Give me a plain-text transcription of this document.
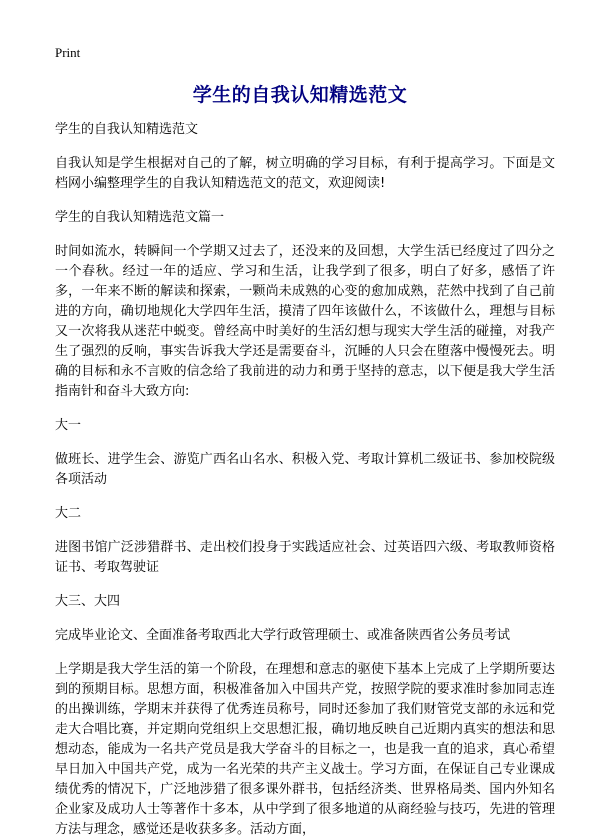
Print
学生的自我认知精选范文

学生的自我认知精选范文

自我认知是学生根据对自己的了解，树立明确的学习目标，有利于提高学习。下面是文档网小编整理学生的自我认知精选范文的范文，欢迎阅读!

学生的自我认知精选范文篇一

时间如流水，转瞬间一个学期又过去了，还没来的及回想，大学生活已经度过了四分之一个春秋。经过一年的适应、学习和生活，让我学到了很多，明白了好多，感悟了许多，一年来不断的解读和探索，一颗尚未成熟的心变的愈加成熟，茫然中找到了自己前进的方向，确切地规化大学四年生活，摸清了四年该做什么，不该做什么，理想与目标又一次将我从迷茫中蜕变。曾经高中时美好的生活幻想与现实大学生活的碰撞，对我产生了强烈的反响，事实告诉我大学还是需要奋斗，沉睡的人只会在堕落中慢慢死去。明确的目标和永不言败的信念给了我前进的动力和勇于坚持的意志，以下便是我大学生活指南针和奋斗大致方向:

大一

做班长、进学生会、游览广西名山名水、积极入党、考取计算机二级证书、参加校院级各项活动

大二

进图书馆广泛涉猎群书、走出校们投身于实践适应社会、过英语四六级、考取教师资格证书、考取驾驶证

大三、大四

完成毕业论文、全面准备考取西北大学行政管理硕士、或准备陕西省公务员考试

上学期是我大学生活的第一个阶段，在理想和意志的驱使下基本上完成了上学期所要达到的预期目标。思想方面，积极准备加入中国共产党，按照学院的要求准时参加同志连的出操训练，学期末并获得了优秀连员称号，同时还参加了我们财管党支部的永远和党走大合唱比赛，并定期向党组织上交思想汇报，确切地反映自己近期内真实的想法和思想动态，能成为一名共产党员是我大学奋斗的目标之一，也是我一直的追求，真心希望早日加入中国共产党，成为一名光荣的共产主义战士。学习方面，在保证自己专业课成绩优秀的情况下，广泛地涉猎了很多课外群书，包括经济类、世界格局类、国内外知名企业家及成功人士等著作十多本，从中学到了很多地道的从商经验与技巧，先进的管理方法与理念，感觉还是收获多多。活动方面，
